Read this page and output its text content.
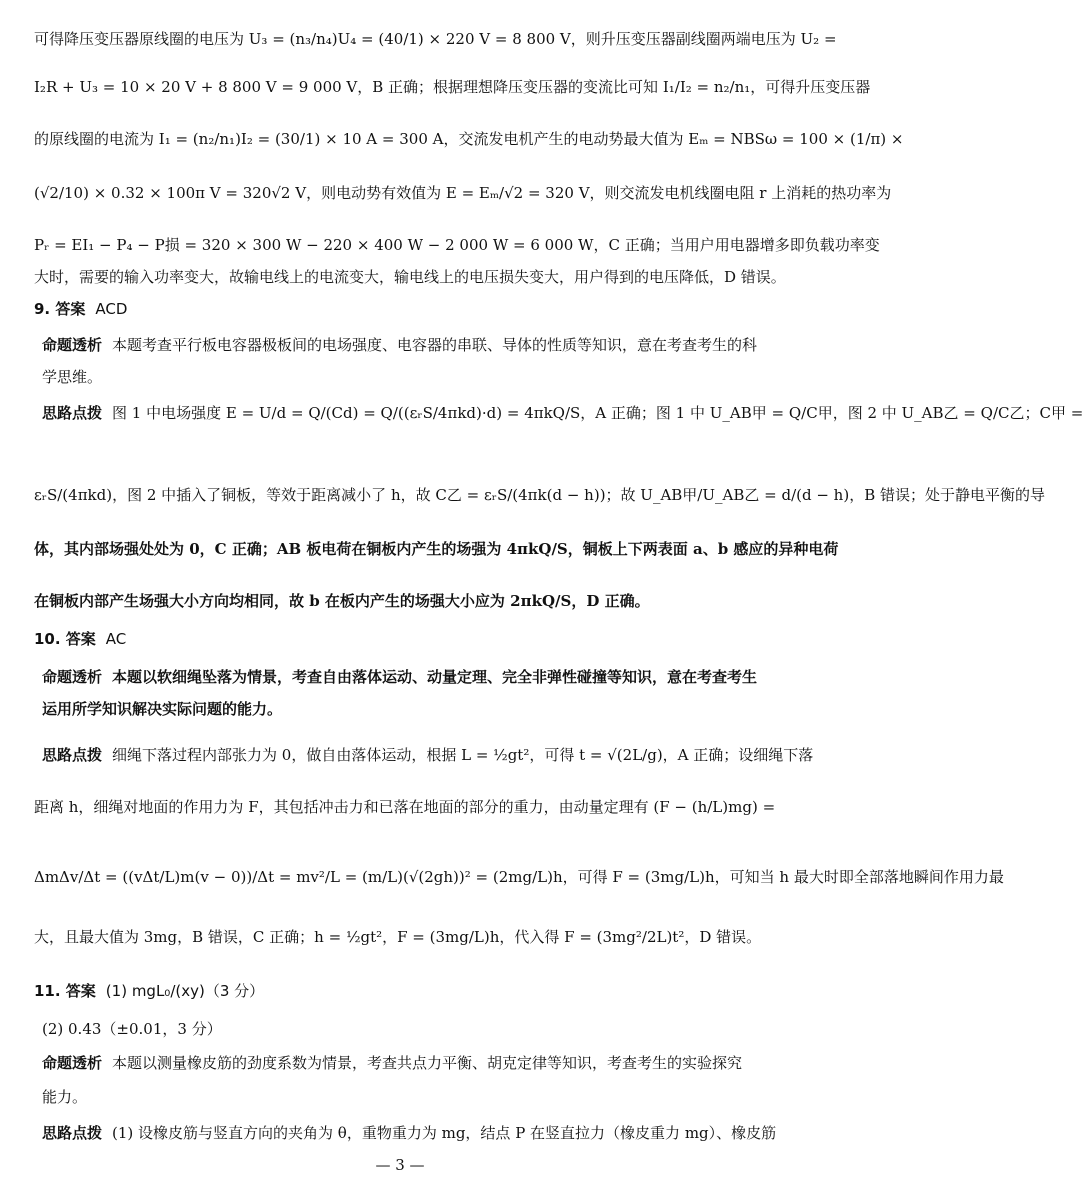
可得降压变压器原线圈的电压为 U₃ = (n₃/n₄)U₄ = (40/1) × 220 V = 8 800 V，则升压变压器副线圈两端电压为 U₂ =
I₂R + U₃ = 10 × 20 V + 8 800 V = 9 000 V，B 正确；根据理想降压变压器的变流比可知 I₁/I₂ = n₂/n₁，可得升压变压器
的原线圈的电流为 I₁ = (n₂/n₁)I₂ = (30/1) × 10 A = 300 A，交流发电机产生的电动势最大值为 Eₘ = NBSω = 100 × (1/π) ×
(√2/10) × 0.32 × 100π V = 320√2 V，则电动势有效值为 E = Eₘ/√2 = 320 V，则交流发电机线圈电阻 r 上消耗的热功率为
Pᵣ = EI₁ − P₄ − P损 = 320 × 300 W − 220 × 400 W − 2 000 W = 6 000 W，C 正确；当用户用电器增多即负载功率变
大时，需要的输入功率变大，故输电线上的电流变大，输电线上的电压损失变大，用户得到的电压降低，D 错误。
9. 答案 ACD
命题透析 本题考查平行板电容器极板间的电场强度、电容器的串联、导体的性质等知识，意在考查考生的科
学思维。
思路点拨 图 1 中电场强度 E = U/d = Q/(Cd) = Q/((εᵣS/4πkd)·d) = 4πkQ/S，A 正确；图 1 中 U_AB甲 = Q/C甲，图 2 中 U_AB乙 = Q/C乙；C甲 =
εᵣS/(4πkd)，图 2 中插入了铜板，等效于距离减小了 h，故 C乙 = εᵣS/(4πk(d − h))；故 U_AB甲/U_AB乙 = d/(d − h)，B 错误；处于静电平衡的导
体，其内部场强处处为 0，C 正确；AB 板电荷在铜板内产生的场强为 4πkQ/S，铜板上下两表面 a、b 感应的异种电荷
在铜板内部产生场强大小方向均相同，故 b 在板内产生的场强大小应为 2πkQ/S，D 正确。
10. 答案 AC
命题透析 本题以软细绳坠落为情景，考查自由落体运动、动量定理、完全非弹性碰撞等知识，意在考查考生
运用所学知识解决实际问题的能力。
思路点拨 细绳下落过程内部张力为 0，做自由落体运动，根据 L = ½gt²，可得 t = √(2L/g)，A 正确；设细绳下落
距离 h，细绳对地面的作用力为 F，其包括冲击力和已落在地面的部分的重力，由动量定理有 (F − (h/L)mg) =
ΔmΔv/Δt = ((vΔt/L)m(v − 0))/Δt = mv²/L = (m/L)(√(2gh))² = (2mg/L)h，可得 F = (3mg/L)h，可知当 h 最大时即全部落地瞬间作用力最
大，且最大值为 3mg，B 错误，C 正确；h = ½gt²，F = (3mg/L)h，代入得 F = (3mg²/2L)t²，D 错误。
11. 答案 (1) mgL₀/(xy)（3 分）
(2) 0.43（±0.01，3 分）
命题透析 本题以测量橡皮筋的劲度系数为情景，考查共点力平衡、胡克定律等知识，考查考生的实验探究
能力。
思路点拨 (1) 设橡皮筋与竖直方向的夹角为 θ，重物重力为 mg，结点 P 在竖直拉力（橡皮重力 mg）、橡皮筋
— 3 —
